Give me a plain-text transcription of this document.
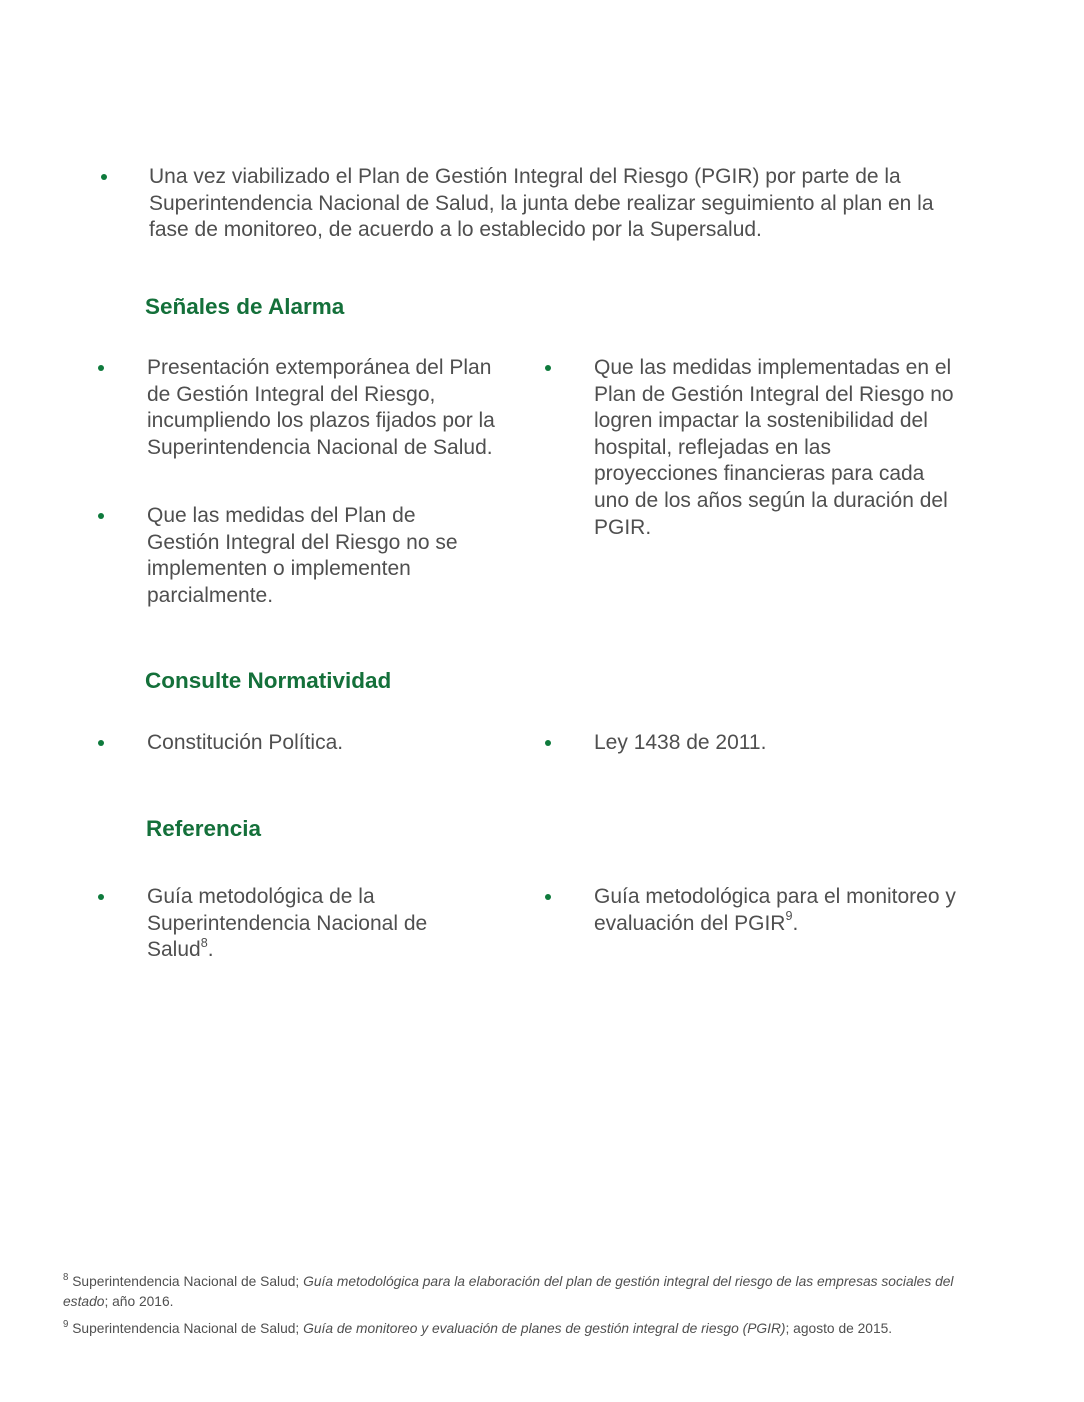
Una vez viabilizado el Plan de Gestión Integral del Riesgo (PGIR) por parte de la Superintendencia Nacional de Salud, la junta debe realizar seguimiento al plan en la fase de monitoreo, de acuerdo a lo establecido por la Supersalud.
Señales de Alarma
Presentación extemporánea del Plan de Gestión Integral del Riesgo, incumpliendo los plazos fijados por la Superintendencia Nacional de Salud.
Que las medidas del Plan de Gestión Integral del Riesgo no se implementen o implementen parcialmente.
Que las medidas implementadas en el Plan de Gestión Integral del Riesgo no logren impactar la sostenibilidad del hospital, reflejadas en las proyecciones financieras para cada uno de los años según la duración del PGIR.
Consulte Normatividad
Constitución Política.	Ley 1438 de 2011.
Referencia
Guía metodológica de la Superintendencia Nacional de Salud$^8$.
Guía metodológica para el monitoreo y evaluación del PGIR$^9$.
$^8$ Superintendencia Nacional de Salud; Guía metodológica para la elaboración del plan de gestión integral del riesgo de las empresas sociales del estado; año 2016.
$^9$ Superintendencia Nacional de Salud; Guía de monitoreo y evaluación de planes de gestión integral de riesgo (PGIR); agosto de 2015.
